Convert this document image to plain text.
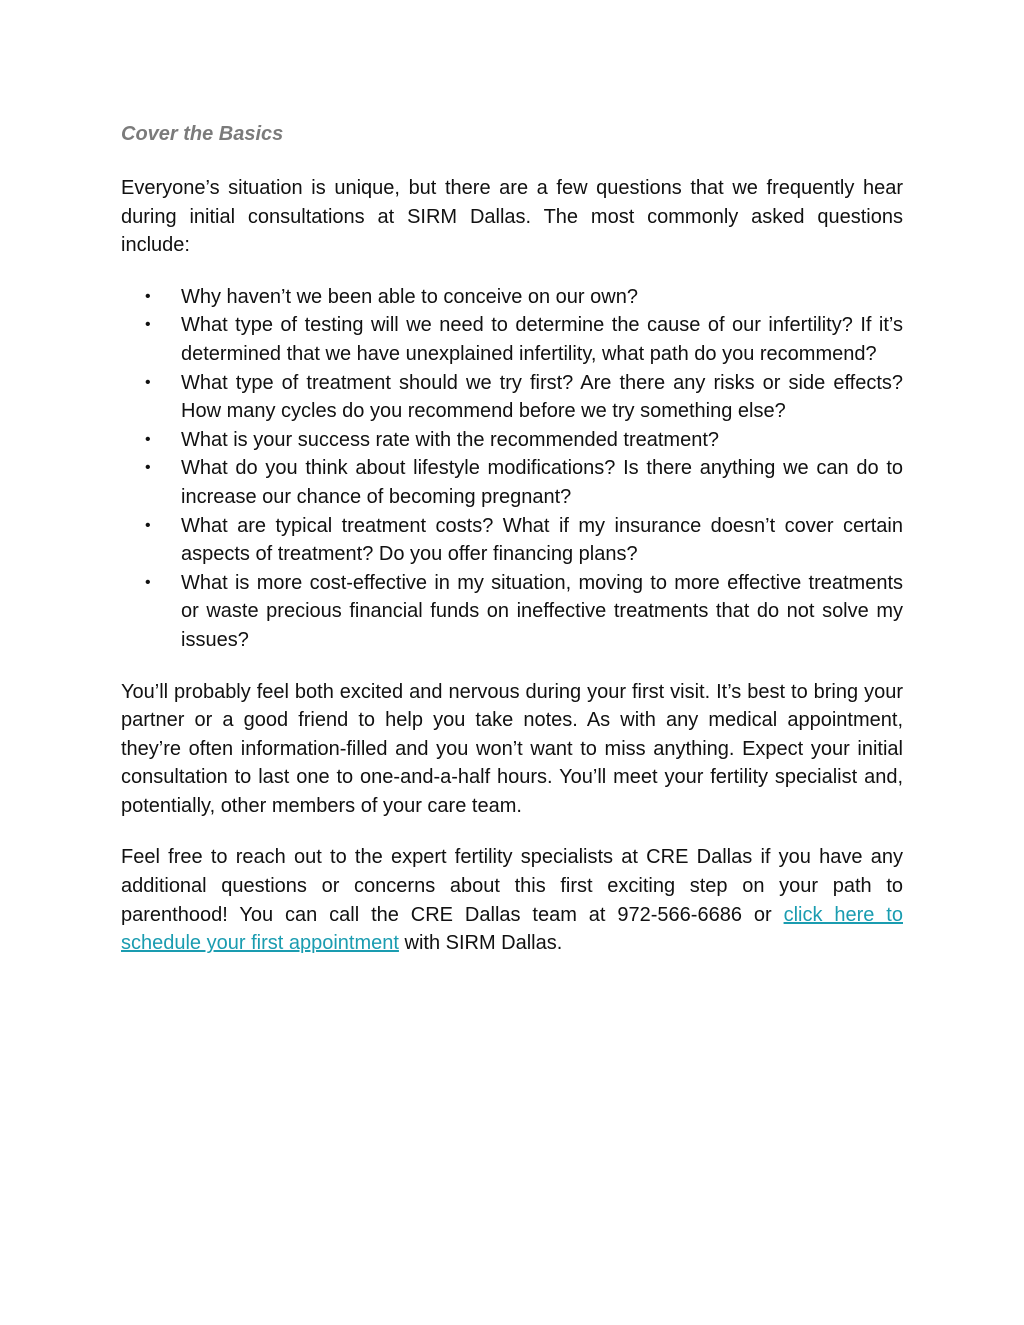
Cover the Basics

Everyone’s situation is unique, but there are a few questions that we frequently hear during initial consultations at SIRM Dallas. The most commonly asked questions include:

• Why haven’t we been able to conceive on our own?
• What type of testing will we need to determine the cause of our infertility? If it’s determined that we have unexplained infertility, what path do you recommend?
• What type of treatment should we try first? Are there any risks or side effects? How many cycles do you recommend before we try something else?
• What is your success rate with the recommended treatment?
• What do you think about lifestyle modifications? Is there anything we can do to increase our chance of becoming pregnant?
• What are typical treatment costs? What if my insurance doesn’t cover certain aspects of treatment? Do you offer financing plans?
• What is more cost-effective in my situation, moving to more effective treatments or waste precious financial funds on ineffective treatments that do not solve my issues?

You’ll probably feel both excited and nervous during your first visit. It’s best to bring your partner or a good friend to help you take notes. As with any medical appointment, they’re often information-filled and you won’t want to miss anything. Expect your initial consultation to last one to one-and-a-half hours. You’ll meet your fertility specialist and, potentially, other members of your care team.

Feel free to reach out to the expert fertility specialists at CRE Dallas if you have any additional questions or concerns about this first exciting step on your path to parenthood! You can call the CRE Dallas team at 972-566-6686 or click here to schedule your first appointment with SIRM Dallas.
